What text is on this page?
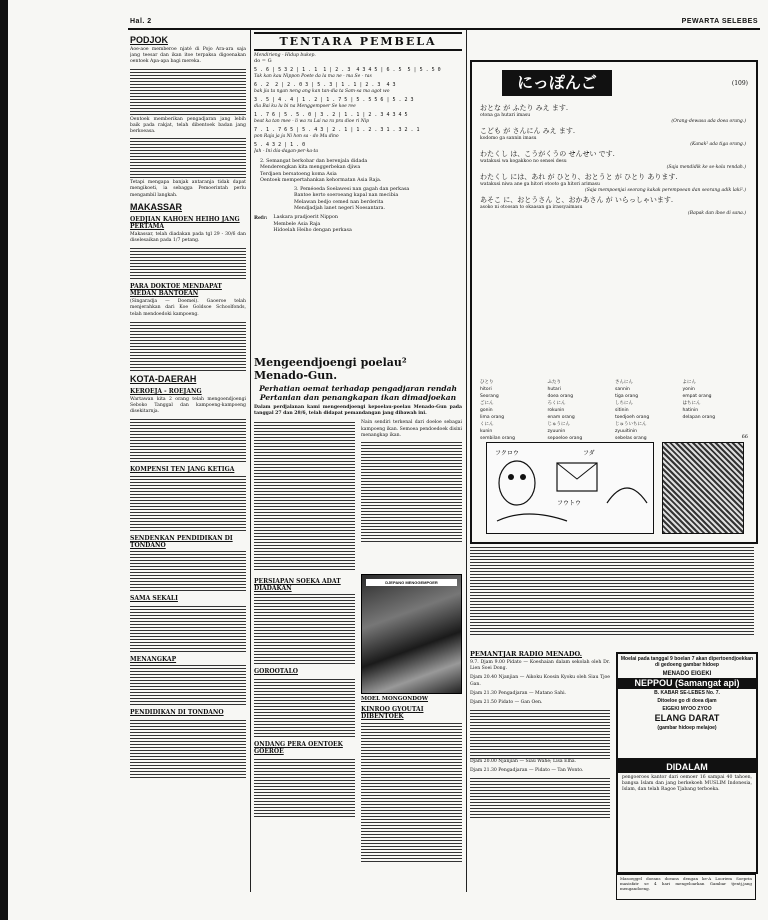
Hal. 2	PEWARTA SELEBES
PODJOK

Aoe-aoe memberoe njaté di Pojo Ara-ara saja jang teesar dan ikan itoe terpaksa digoenakan oentoek Apa-apa bagi mereka.

Oentoek memberikan pengadjaran jang lebih baik pada rakjat, telah dibentoek badan jang berkoeasa.

Tetapi mengapa banjak antaranja tidak dapat mengikoeti, ia sebagga Pemoerintah perlu mengambil langkah.

MAKASSAR
OEDJIAN KAHOEN HEIHO JANG PERTAMA

Makassar, telah diadakan pada tgl 29 - 30/6 dan diselesaikan pada 1/7 petang.

PARA DOKTOE MENDAPAT MEDAN BANTOEAN

(Singaradja — Doemei). Gaoeroe telah menjerahkan dari Koe Goldsoe Schoolfonds, telah mendoedoki kampoeng.

KOTA-DAERAH
KEROEJA - ROEJANG

Wartawan kita 2 orang telah mengoendjoengi Seboko Tanggal dan kampoeng-kampoeng disekitarnja.

KOMPENSI TEN JANG KETIGA
SENDENKAN PENDIDIKAN DI TONDANO
SAMA SEKALI
MENANGKAP
PENDIDIKAN DI TONDANO
TENTARA PEMBELA
Mendirieng - Hidup bukep.
do = G
5 . 6 | 5 3 2 | 1 . 1  1 | 2 . 3  4 3 4 5 | 6 . 5  5 | 5 . 5 0

Tak kan kau Nippon Poete da la ma ne - ma Se - ras

6 . 2  2 | 2 . 0 3 | 5 . 3 | 1 . 1 | 2 . 3  4 3

bak jia ta ngan neng ang kan tan-dia ta Sam-sa ma agot wo

3 . 5 | 4 . 4 | 1 . 2 | 1 . 7 5 | 5 . 5 5 6 | 5 . 2 3

dia Bai ku lu bi na Menggempoer Se koe ree

1 . 7 6 | 5 . 5 . 0 | 3 . 2 | 1 . 1 | 2 . 3 4 3 4 5

beat ka tan mee - li wa ra Lai na ra pra dioe ri Nip

7 . 1 . 7 6 5 | 5 . 4 3 | 2 . 1 | 1 . 2 . 3 1 . 3 2 . 1

pon Raja ja ja Ni hon sa - do Mu dino

5 . 4 3 2 | 1 . 0

Jah - Ini dia-dagan-per-ka-ta

2. Semangat berkobar dan berenjala didada

Menderengkan kita menggerbekan djiwa

Terdjaen bersatoeng koma Asia

Oentoek mempertahankan kehormatan Asia Raja.

3. Peméoeda Soelawesi nan gagah dan perkasa

Bantoe kerto soeroeang kapal nan mecibia

Melawan bedjo cemed nan berderita

Mendjadjah lanet negeri Noesantara.

Refr: Laskara pradjoerit Nippon

Membele Asia Raja

Hidoelah Heiho dengan perkasa

Mengeendjoengi poelau² Menado-Gun.
Perhatian oemat terhadap pengadjaran rendah Pertanian dan penangkapan ikan dimadjoekan

Dalam perdjalanan kami mengeendjoengi kepoelau-poelau Menado-Gun pada tanggal 27 dan 28/6, telah didapat pemandangan jang dibawah ini.

Nain sendiri terkenal dari doeloe sebagai kampoeng ikan. Semoea pendoedoek disini menangkap ikan.

PERSIAPAN SOEKA ADAT DIADAKAN
GOROOTALO
ONDANG PERA OENTOEK GOEROE
DJEPANG MENGGEMPOER
MOEL MONGONDOW
KINROO GYOUTAI DIBENTOEK
にっぽんご	(109)

おとな が ふたり みえ ます.

otona ga hutari imasu

(Orang-dewasa ada doea orang.)

こども が さんにん みえ ます.

kodomo ga sannin imasu

(Kanak² ada tiga orang.)

わたくし は、こうがくうの せんせい です.

watakusi wa kogakkoo no sensei desu

(Saja mendidik ke se-kola rendah.)

わたくし には、あれ が ひとり、おとうと が ひとり あります.

watakusi niwa ane ga hitori otooto ga hitori arimasu

(Saja mempoenjai seorang kakak perempoean dan seorang adik laki².)

あそこ に、おとうさん と、おかあさん が いらっしゃいます.

asoko ni otoosan to okaasan ga irassyaimasu

(Bapak dan iboe di sana.)

ひとり	ふたり	さんにん	よにん
hitori	hutari	sannin	yonin
Seorang	doea orang	tiga orang	empat orang
ごにん	ろくにん	しちにん	はちにん
gonin	rokunin	sitinin	hatinin
lima orang	enam orang	toedjoeh orang	delapan orang
くにん	じゅうにん	じゅういちにん
kunin	zyuunin	zyuuitinin
sembilan orang	sepoeloe orang	sebelas orang	66
フクロウ	フダ
フウトウ
PEMANTJAR RADIO MENADO.

9.7. Djam 9.00 Pidato — Koeshaian dalam sekolah oleh Dr. Lien Soei Dong.

Djam 20.40 Njanjian — Aikoku Koosin Kyoku oleh Siau Tjoe Gan.

Djam 21.30 Pengadjaran — Matano Sahi.

Djam 21.50 Pidato — Gan Oen.

Djam 20.00 Njanjian — Siau Wahe; Lisa Elha.

Djam 21.30 Pengadjaran — Pidato — Tan Wonto.

Moelai pada tanggal 9 boelan 7 akan dipertoendjoekkan di gedoeng gambar hidoep

MENADO EIGEKI

NEPPOU (Samangat api)

B. KABAR SE-LEBES No. 7.

Ditoeloe go di doea djam

EIGEKI MYOO ZYOO

ELANG DARAT

(gambar hidoep melajoe)

DIDALAM

pengoeroes kantor dari oemoer 16 sampai 40 tahoen, bangsa Islam dan jang berkekoeh MUSLIM Indonesia, Islam, dan telah Ragoe Tjabang terboeka.

Masoeggel doeans doeans dengan ke-A Looriem Soeprin masisfatr se 4 hari mengeloarkan Gambar tjentj,jang mengandoeng.
